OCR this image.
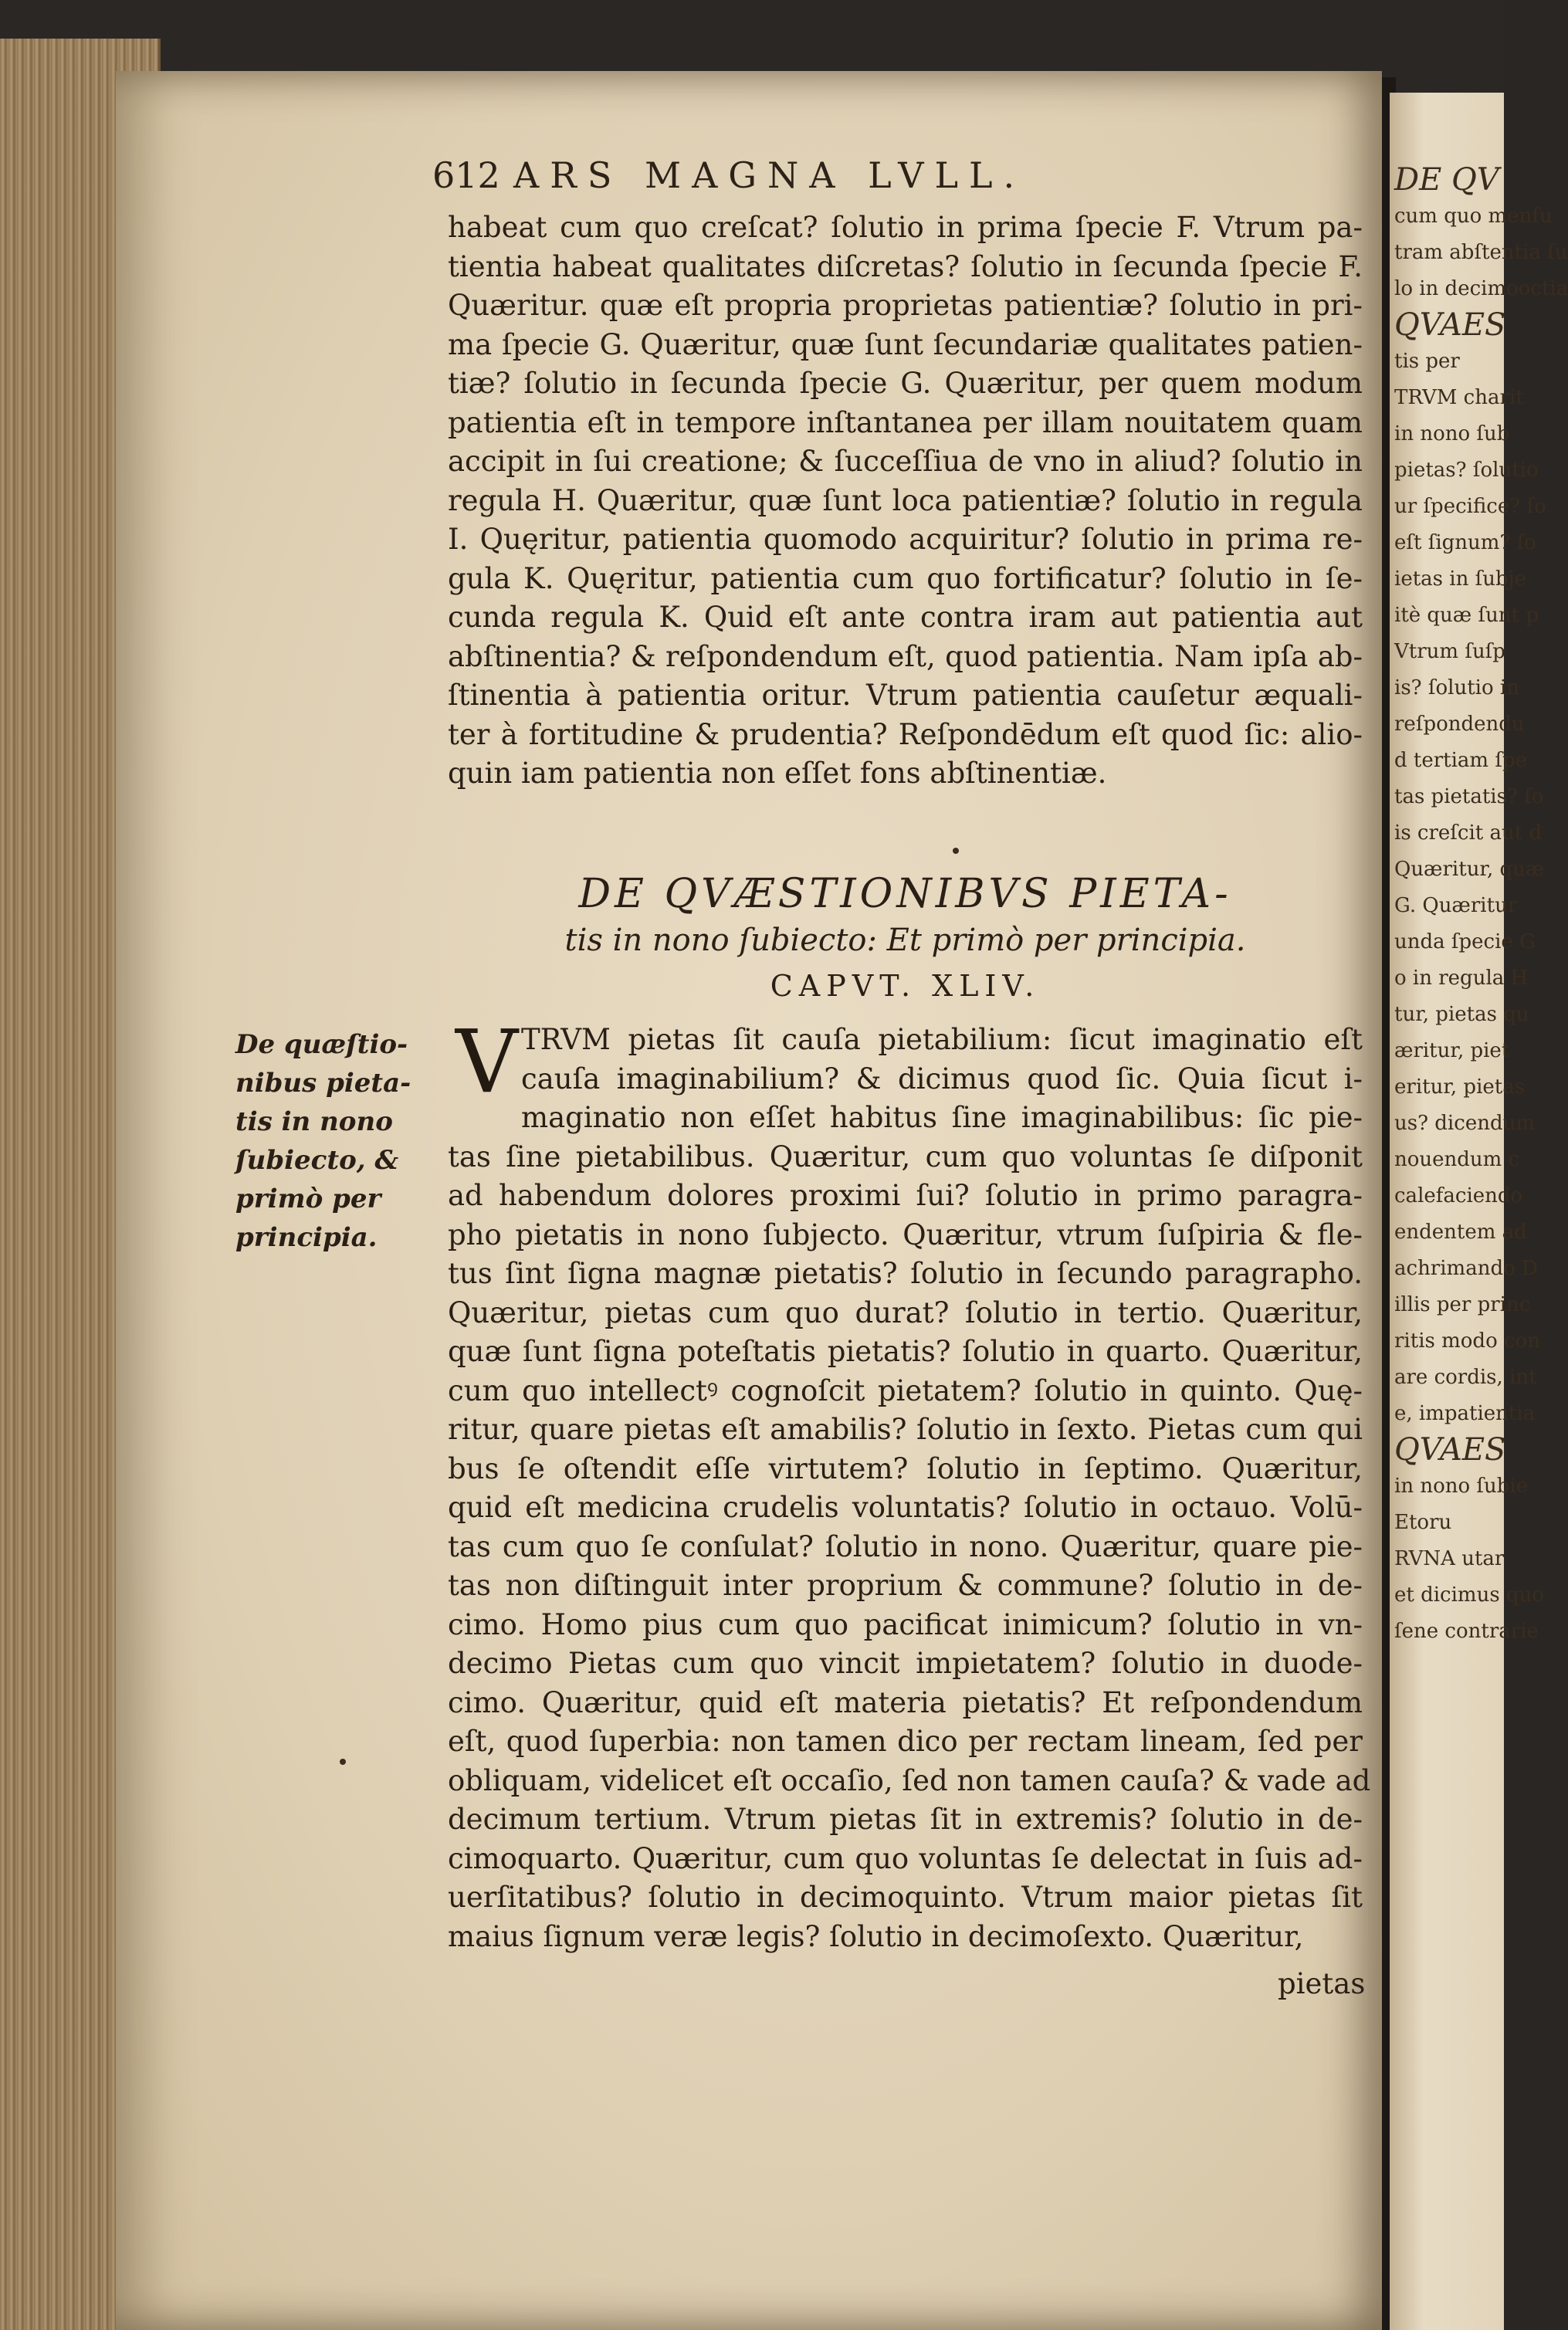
DE QV
cum quo menſu
tram abſtentia ſu
lo in decimooctia
QVAES
tis per
TRVM charit
in nono ſub
pietas? ſolutio
ur ſpecifice? ſo
eſt ſignum? ſo
ietas in ſubje
itè quæ ſunt p
Vtrum ſuſp
is? ſolutio in
reſpondendu
d tertiam ſpe
tas pietatis? ſo
is creſcit aut d
Quæritur, quæ
G. Quæritur
unda ſpecie G
o in regula H
tur, pietas qu
æritur, piet
eritur, pietas
us? dicendum
nouendum c
calefaciendo
endentem ad
achrimando D
illis per princ
ritis modo con
are cordis, int
e, impatientia
QVAES
in nono ſubie
Etoru
RVNA utar
et dicimus quo
ſene contrarie
612 ARS MAGNA LVLL.
habeat cum quo creſcat? ſolutio in prima ſpecie F. Vtrum pa-
tientia habeat qualitates diſcretas? ſolutio in ſecunda ſpecie F.
Quæritur. quæ eſt propria proprietas patientiæ? ſolutio in pri-
ma ſpecie G. Quæritur, quæ ſunt ſecundariæ qualitates patien-
tiæ? ſolutio in ſecunda ſpecie G. Quæritur, per quem modum
patientia eſt in tempore inſtantanea per illam nouitatem quam
accipit in ſui creatione; & ſucceſſiua de vno in aliud? ſolutio in
regula H. Quæritur, quæ ſunt loca patientiæ? ſolutio in regula
I. Quęritur, patientia quomodo acquiritur? ſolutio in prima re-
gula K. Quęritur, patientia cum quo fortificatur? ſolutio in ſe-
cunda regula K. Quid eſt ante contra iram aut patientia aut
abſtinentia? & reſpondendum eſt, quod patientia. Nam ipſa ab-
ſtinentia à patientia oritur. Vtrum patientia cauſetur æquali-
ter à fortitudine & prudentia? Reſpondēdum eſt quod ſic: alio-
quin iam patientia non eſſet fons abſtinentiæ.
DE QVÆSTIONIBVS PIETA-
tis in nono ſubiecto: Et primò per principia.
CAPVT. XLIV.
De quæſtio-
nibus pieta-
tis in nono
ſubiecto, &
primò per
principia.
V TRVM pietas ſit cauſa pietabilium: ſicut imaginatio eſt
cauſa imaginabilium? & dicimus quod ſic. Quia ſicut i-
maginatio non eſſet habitus ſine imaginabilibus: ſic pie-
tas ſine pietabilibus. Quæritur, cum quo voluntas ſe diſponit
ad habendum dolores proximi ſui? ſolutio in primo paragra-
pho pietatis in nono ſubjecto. Quæritur, vtrum ſuſpiria & fle-
tus ſint ſigna magnæ pietatis? ſolutio in ſecundo paragrapho.
Quæritur, pietas cum quo durat? ſolutio in tertio. Quæritur,
quæ ſunt ſigna poteſtatis pietatis? ſolutio in quarto. Quæritur,
cum quo intellectꝰ cognoſcit pietatem? ſolutio in quinto. Quę-
ritur, quare pietas eſt amabilis? ſolutio in ſexto. Pietas cum qui
bus ſe oſtendit eſſe virtutem? ſolutio in ſeptimo. Quæritur,
quid eſt medicina crudelis voluntatis? ſolutio in octauo. Volū-
tas cum quo ſe conſulat? ſolutio in nono. Quæritur, quare pie-
tas non diſtinguit inter proprium & commune? ſolutio in de-
cimo. Homo pius cum quo pacificat inimicum? ſolutio in vn-
decimo Pietas cum quo vincit impietatem? ſolutio in duode-
cimo. Quæritur, quid eſt materia pietatis? Et reſpondendum
eſt, quod ſuperbia: non tamen dico per rectam lineam, ſed per
obliquam, videlicet eſt occaſio, ſed non tamen cauſa? & vade ad
decimum tertium. Vtrum pietas ſit in extremis? ſolutio in de-
cimoquarto. Quæritur, cum quo voluntas ſe delectat in ſuis ad-
uerſitatibus? ſolutio in decimoquinto. Vtrum maior pietas ſit
maius ſignum veræ legis? ſolutio in decimoſexto. Quæritur,
pietas
